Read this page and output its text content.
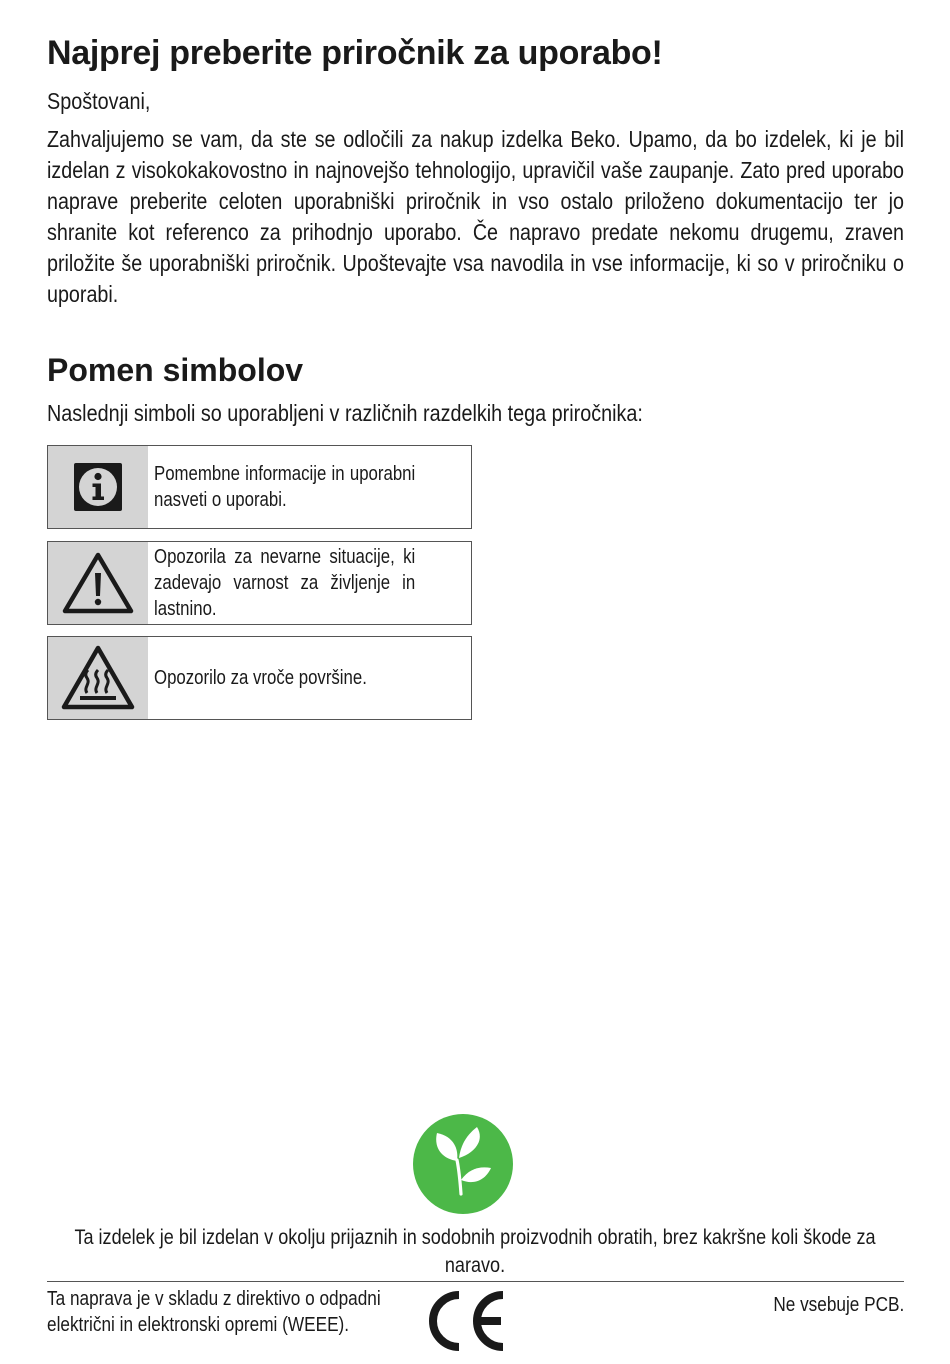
Najprej preberite priročnik za uporabo!

Spoštovani,

Zahvaljujemo se vam, da ste se odločili za nakup izdelka Beko. Upamo, da bo izdelek, ki je bil izdelan z visokokakovostno in najnovejšo tehnologijo, upravičil vaše zaupanje. Zato pred uporabo naprave preberite celoten uporabniški priročnik in vso ostalo priloženo dokumentacijo ter jo shranite kot referenco za prihodnjo uporabo. Če napravo predate nekomu drugemu, zraven priložite še uporabniški priročnik. Upoštevajte vsa navodila in vse informacije, ki so v priročniku o uporabi.

Pomen simbolov

Naslednji simboli so uporabljeni v različnih razdelkih tega priročnika:

Pomembne informacije in uporabni nasveti o uporabi.
Opozorila za nevarne situacije, ki zadevajo varnost za življenje in lastnino.
Opozorilo za vroče površine.

Ta izdelek je bil izdelan v okolju prijaznih in sodobnih proizvodnih obratih, brez kakršne koli škode za naravo.

Ta naprava je v skladu z direktivo o odpadni električni in elektronski opremi (WEEE).

Ne vsebuje PCB.
